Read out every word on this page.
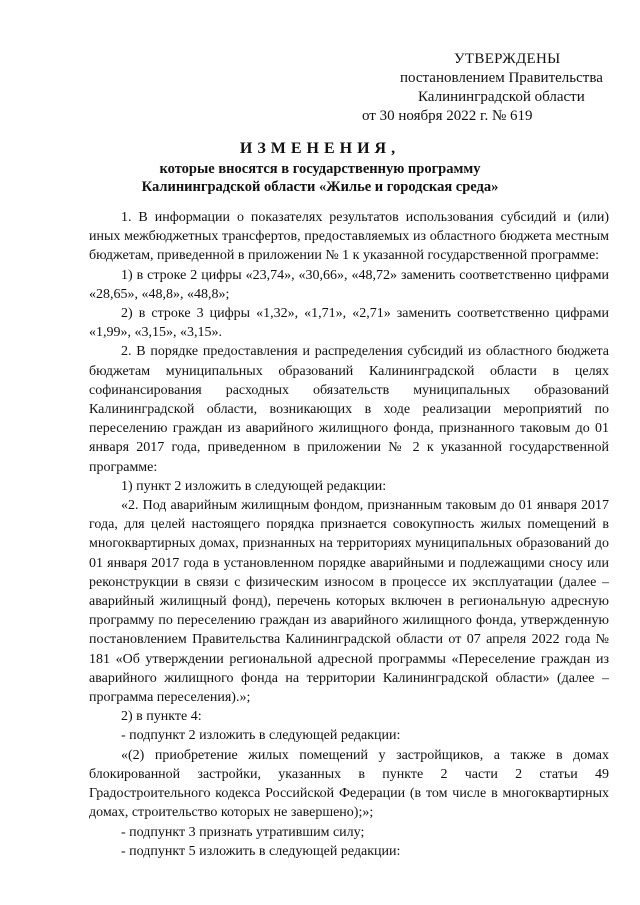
УТВЕРЖДЕНЫ
постановлением Правительства
Калининградской области
от 30 ноября 2022 г. № 619
ИЗМЕНЕНИЯ,
которые вносятся в государственную программу
Калининградской области «Жилье и городская среда»
1. В информации о показателях результатов использования субсидий и (или) иных межбюджетных трансфертов, предоставляемых из областного бюджета местным бюджетам, приведенной в приложении № 1 к указанной государственной программе:
1) в строке 2 цифры «23,74», «30,66», «48,72» заменить соответственно цифрами «28,65», «48,8», «48,8»;
2) в строке 3 цифры «1,32», «1,71», «2,71» заменить соответственно цифрами «1,99», «3,15», «3,15».
2. В порядке предоставления и распределения субсидий из областного бюджета бюджетам муниципальных образований Калининградской области в целях софинансирования расходных обязательств муниципальных образований Калининградской области, возникающих в ходе реализации мероприятий по переселению граждан из аварийного жилищного фонда, признанного таковым до 01 января 2017 года, приведенном в приложении № 2 к указанной государственной программе:
1) пункт 2 изложить в следующей редакции:
«2. Под аварийным жилищным фондом, признанным таковым до 01 января 2017 года, для целей настоящего порядка признается совокупность жилых помещений в многоквартирных домах, признанных на территориях муниципальных образований до 01 января 2017 года в установленном порядке аварийными и подлежащими сносу или реконструкции в связи с физическим износом в процессе их эксплуатации (далее – аварийный жилищный фонд), перечень которых включен в региональную адресную программу по переселению граждан из аварийного жилищного фонда, утвержденную постановлением Правительства Калининградской области от 07 апреля 2022 года № 181 «Об утверждении региональной адресной программы «Переселение граждан из аварийного жилищного фонда на территории Калининградской области» (далее – программа переселения).»;
2) в пункте 4:
- подпункт 2 изложить в следующей редакции:
«(2) приобретение жилых помещений у застройщиков, а также в домах блокированной застройки, указанных в пункте 2 части 2 статьи 49 Градостроительного кодекса Российской Федерации (в том числе в многоквартирных домах, строительство которых не завершено);»;
- подпункт 3 признать утратившим силу;
- подпункт 5 изложить в следующей редакции:
